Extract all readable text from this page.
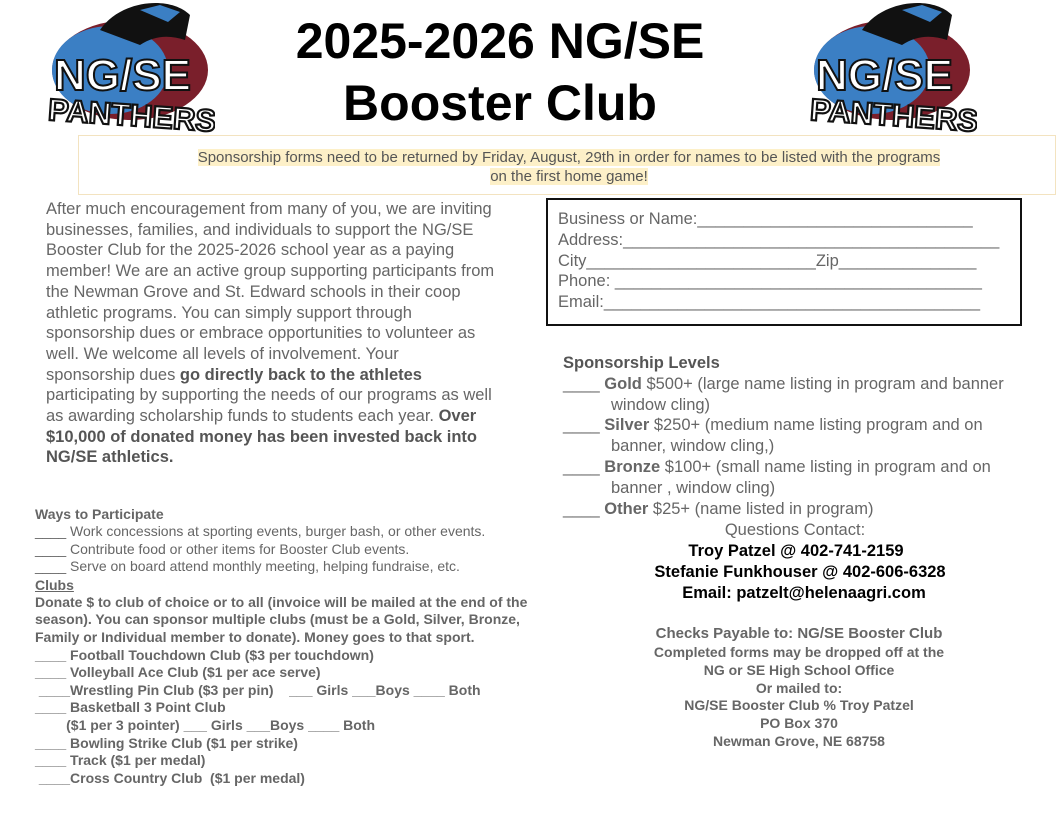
NG/SE
PANTHERS
NG/SE
PANTHERS
2025-2026 NG/SE
Booster Club
Sponsorship forms need to be returned by Friday, August, 29th in order for names to be listed with the programs
on the first home game!
After much encouragement from many of you, we are inviting
businesses, families, and individuals to support the NG/SE
Booster Club for the 2025-2026 school year as a paying
member! We are an active group supporting participants from
the Newman Grove and St. Edward schools in their coop
athletic programs. You can simply support through
sponsorship dues or embrace opportunities to volunteer as
well. We welcome all levels of involvement. Your
sponsorship dues go directly back to the athletes
participating by supporting the needs of our programs as well
as awarding scholarship funds to students each year. Over
$10,000 of donated money has been invested back into
NG/SE athletics.
Business or Name:______________________________
Address:_________________________________________
City_________________________Zip_______________
Phone: ________________________________________
Email:_________________________________________
Sponsorship Levels
____ Gold $500+ (large name listing in program and banner
window cling)
____ Silver $250+ (medium name listing program and on
banner, window cling,)
____ Bronze $100+ (small name listing in program and on
banner , window cling)
____ Other $25+ (name listed in program)
Questions Contact:
Troy Patzel @ 402-741-2159
Stefanie Funkhouser @ 402-606-6328
Email: patzelt@helenaagri.com
Checks Payable to: NG/SE Booster Club
Completed forms may be dropped off at the
NG or SE High School Office
Or mailed to:
NG/SE Booster Club % Troy Patzel
PO Box 370
Newman Grove, NE 68758
Ways to Participate
____ Work concessions at sporting events, burger bash, or other events.
____ Contribute food or other items for Booster Club events.
____ Serve on board attend monthly meeting, helping fundraise, etc.
Clubs
Donate $ to club of choice or to all (invoice will be mailed at the end of the
season). You can sponsor multiple clubs (must be a Gold, Silver, Bronze,
Family or Individual member to donate). Money goes to that sport.
____ Football Touchdown Club ($3 per touchdown)
____ Volleyball Ace Club ($1 per ace serve)
____Wrestling Pin Club ($3 per pin)    ___ Girls ___Boys ____ Both
____ Basketball 3 Point Club
($1 per 3 pointer) ___ Girls ___Boys ____ Both
____ Bowling Strike Club ($1 per strike)
____ Track ($1 per medal)
____Cross Country Club  ($1 per medal)
